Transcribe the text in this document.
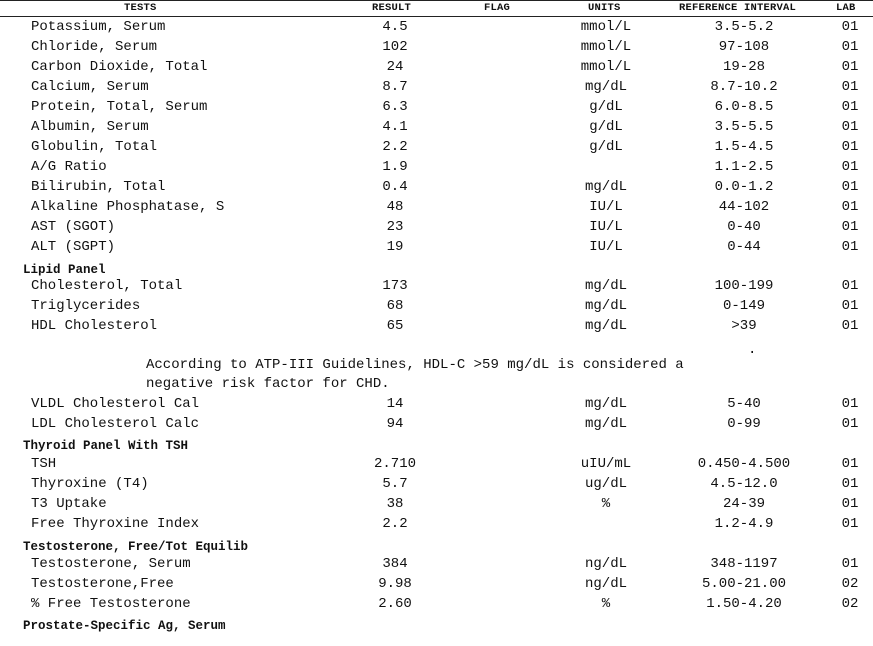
TESTS	RESULT	FLAG	UNITS	REFERENCE INTERVAL	LAB
Potassium, Serum	4.5	mmol/L	3.5-5.2	01
Chloride, Serum	102	mmol/L	97-108	01
Carbon Dioxide, Total	24	mmol/L	19-28	01
Calcium, Serum	8.7	mg/dL	8.7-10.2	01
Protein, Total, Serum	6.3	g/dL	6.0-8.5	01
Albumin, Serum	4.1	g/dL	3.5-5.5	01
Globulin, Total	2.2	g/dL	1.5-4.5	01
A/G Ratio	1.9	1.1-2.5	01
Bilirubin, Total	0.4	mg/dL	0.0-1.2	01
Alkaline Phosphatase, S	48	IU/L	44-102	01
AST (SGOT)	23	IU/L	0-40	01
ALT (SGPT)	19	IU/L	0-44	01
Lipid Panel
Cholesterol, Total	173	mg/dL	100-199	01
Triglycerides	68	mg/dL	0-149	01
HDL Cholesterol	65	mg/dL	>39	01
According to ATP-III Guidelines, HDL-C >59 mg/dL is considered a
negative risk factor for CHD.
VLDL Cholesterol Cal	14	mg/dL	5-40	01
LDL Cholesterol Calc	94	mg/dL	0-99	01
Thyroid Panel With TSH
TSH	2.710	uIU/mL	0.450-4.500	01
Thyroxine (T4)	5.7	ug/dL	4.5-12.0	01
T3 Uptake	38	%	24-39	01
Free Thyroxine Index	2.2	1.2-4.9	01
Testosterone, Free/Tot Equilib
Testosterone, Serum	384	ng/dL	348-1197	01
Testosterone,Free	9.98	ng/dL	5.00-21.00	02
% Free Testosterone	2.60	%	1.50-4.20	02
Prostate-Specific Ag, Serum
.
